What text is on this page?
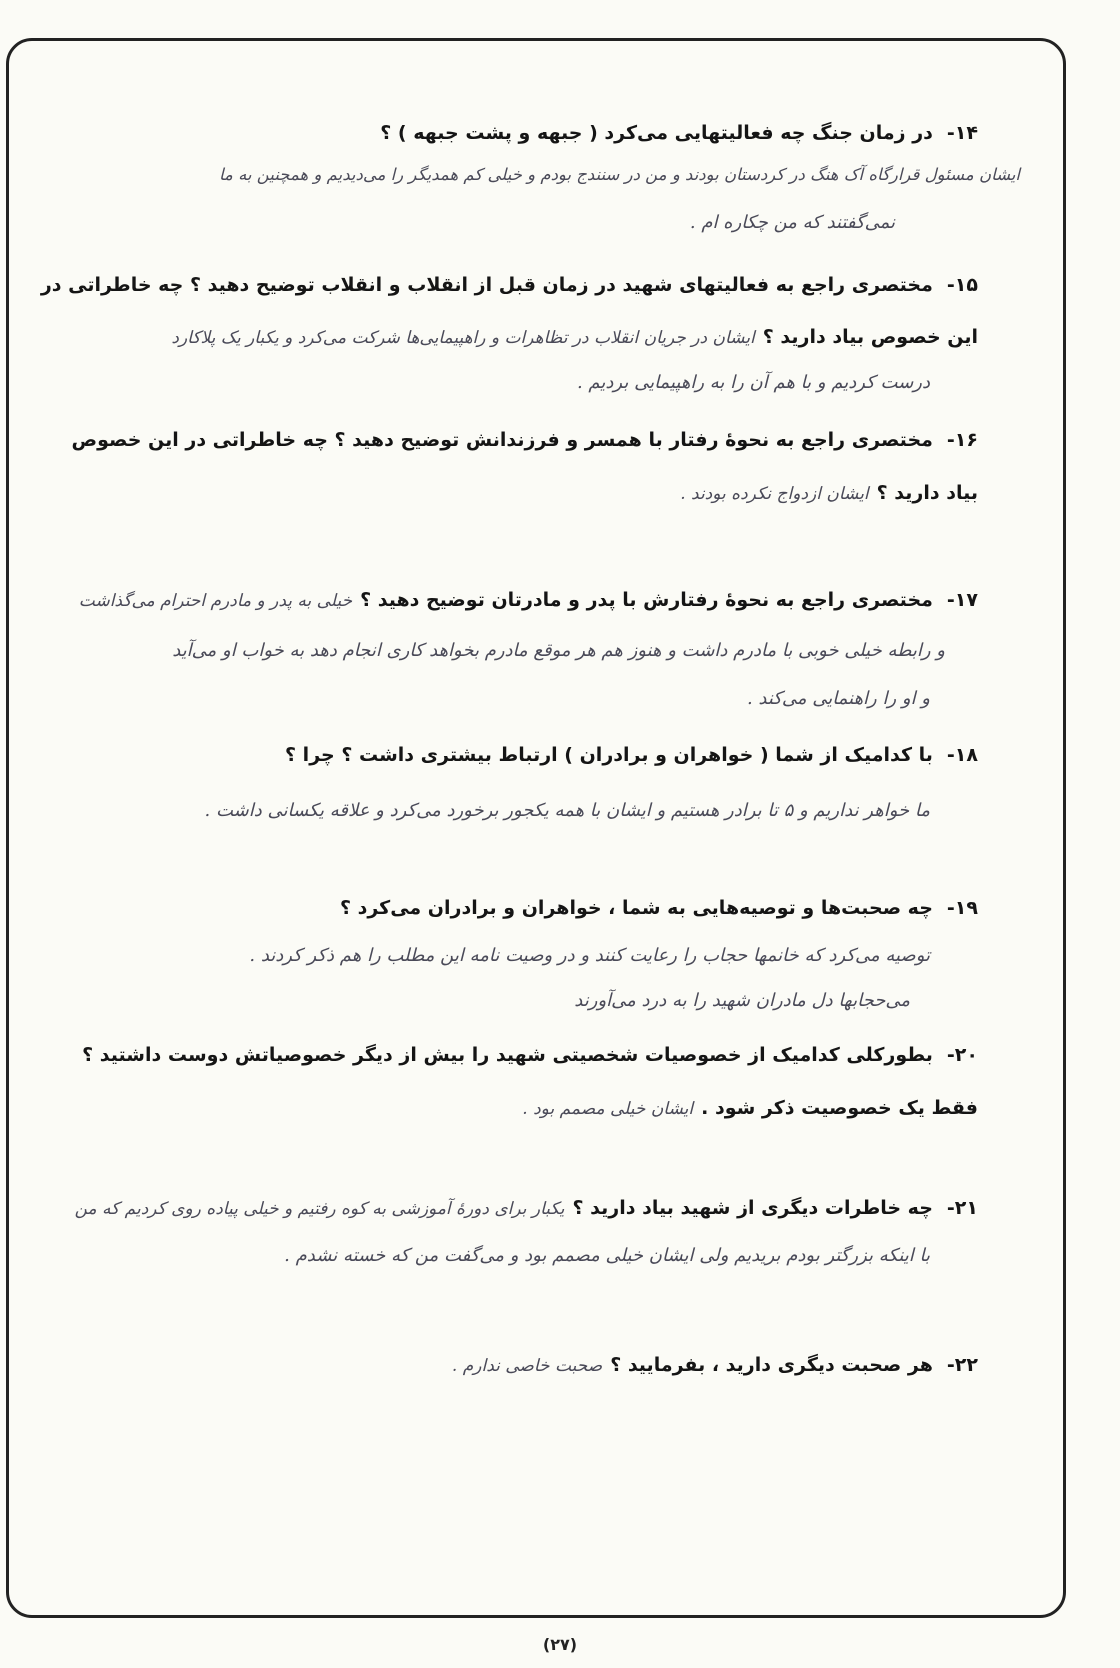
۱۴-در زمان جنگ چه فعالیتهایی می‌کرد ( جبهه و پشت جبهه ) ؟
ایشان مسئول قرارگاه آک هنگ در کردستان بودند و من در سنندج بودم و خیلی کم همدیگر را می‌دیدیم و همچنین به ما
نمی‌گفتند که من چکاره ام .
۱۵-مختصری راجع به فعالیتهای شهید در زمان قبل از انقلاب و انقلاب توضیح دهید ؟ چه خاطراتی در
این خصوص بیاد دارید ؟ایشان در جریان انقلاب در تظاهرات و راهپیمایی‌ها شرکت می‌کرد و یکبار یک پلاکارد
درست کردیم و با هم آن را به راهپیمایی بردیم .
۱۶-مختصری راجع به نحوهٔ رفتار با همسر و فرزندانش توضیح دهید ؟ چه خاطراتی در این خصوص
بیاد دارید ؟ایشان ازدواج نکرده بودند .
۱۷-مختصری راجع به نحوهٔ رفتارش با پدر و مادرتان توضیح دهید ؟خیلی به پدر و مادرم احترام می‌گذاشت
و رابطه خیلی خوبی با مادرم داشت و هنوز هم هر موقع مادرم بخواهد کاری انجام دهد به خواب او می‌آید
و او را راهنمایی می‌کند .
۱۸-با کدامیک از شما ( خواهران و برادران ) ارتباط بیشتری داشت ؟ چرا ؟
ما خواهر نداریم و ۵ تا برادر هستیم و ایشان با همه یکجور برخورد می‌کرد و علاقه یکسانی داشت .
۱۹-چه صحبت‌ها و توصیه‌هایی به شما ، خواهران و برادران می‌کرد ؟
توصیه می‌کرد که خانمها حجاب را رعایت کنند و در وصیت نامه این مطلب را هم ذکر کردند .
می‌حجابها دل مادران شهید را به درد می‌آورند
۲۰-بطورکلی کدامیک از خصوصیات شخصیتی شهید را بیش از دیگر خصوصیاتش دوست داشتید ؟
فقط یک خصوصیت ذکر شود .ایشان خیلی مصمم بود .
۲۱-چه خاطرات دیگری از شهید بیاد دارید ؟یکبار برای دورهٔ آموزشی به کوه رفتیم و خیلی پیاده روی کردیم که من
با اینکه بزرگتر بودم بریدیم ولی ایشان خیلی مصمم بود و می‌گفت من که خسته نشدم .
۲۲-هر صحبت دیگری دارید ، بفرمایید ؟صحبت خاصی ندارم .
(۲۷)
